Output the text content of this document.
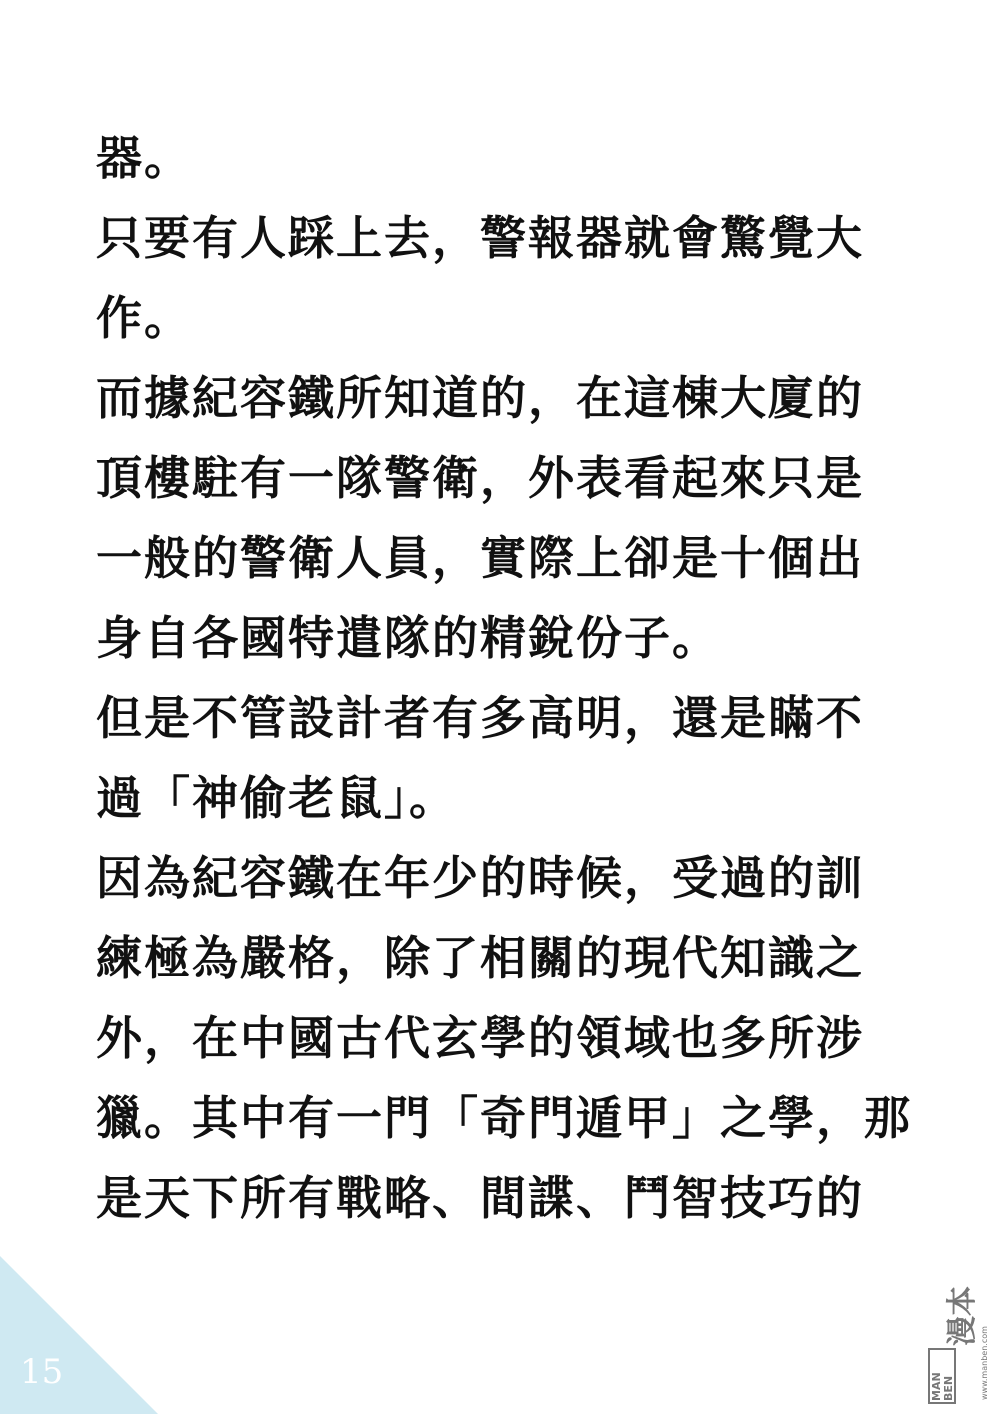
器。
只要有人踩上去，警報器就會驚覺大
作。
而據紀容鐵所知道的，在這棟大廈的
頂樓駐有一隊警衛，外表看起來只是
一般的警衛人員，實際上卻是十個出
身自各國特遣隊的精銳份子。
但是不管設計者有多高明，還是瞞不
過「神偷老鼠」。
因為紀容鐵在年少的時候，受過的訓
練極為嚴格，除了相關的現代知識之
外，在中國古代玄學的領域也多所涉
獵。其中有一門「奇門遁甲」之學，那
是天下所有戰略、間諜、鬥智技巧的
15	MAN BEN
漫本
www.manben.com
